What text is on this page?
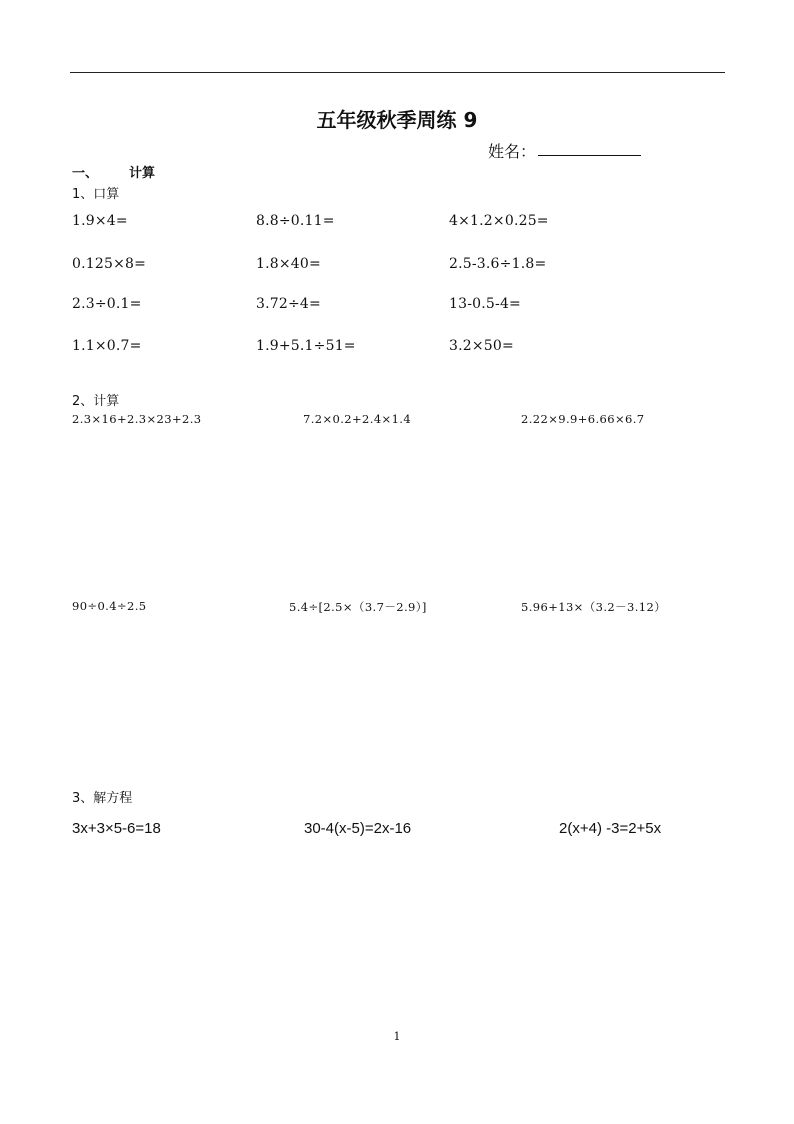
五年级秋季周练 9
姓名：
一、 计算
1、口算
1.9×4=	8.8÷0.11=	4×1.2×0.25=
0.125×8=	1.8×40=	2.5-3.6÷1.8=
2.3÷0.1=	3.72÷4=	13-0.5-4=
1.1×0.7=	1.9+5.1÷51=	3.2×50=
2、计算
2.3×16+2.3×23+2.3	7.2×0.2+2.4×1.4	2.22×9.9+6.66×6.7
90÷0.4÷2.5	5.4÷[2.5×（3.7－2.9）]	5.96+13×（3.2－3.12）
3、解方程
3x+3×5-6=18	30-4(x-5)=2x-16	2(x+4) -3=2+5x
1
